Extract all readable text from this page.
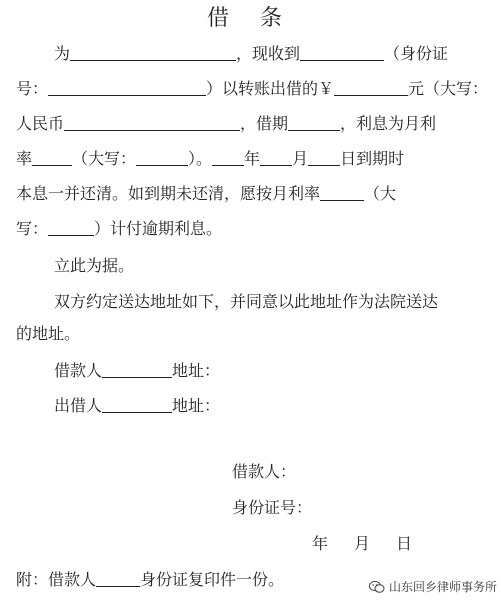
借 条
为	，现收到	（身份证
号：	）以转账出借的￥	元（大写：
人民币	，借期	，利息为月利
率	（大写：	）。 年 月 日到期时
本息一并还清。如到期未还清，愿按月利率	（大
写：	）计付逾期利息。
立此为据。
双方约定送达地址如下，并同意以此地址作为法院送达
的地址。
借款人	地址：
出借人	地址：
借款人：
身份证号：
年 月 日
附：借款人	身份证复印件一份。	山东回乡律师事务所
